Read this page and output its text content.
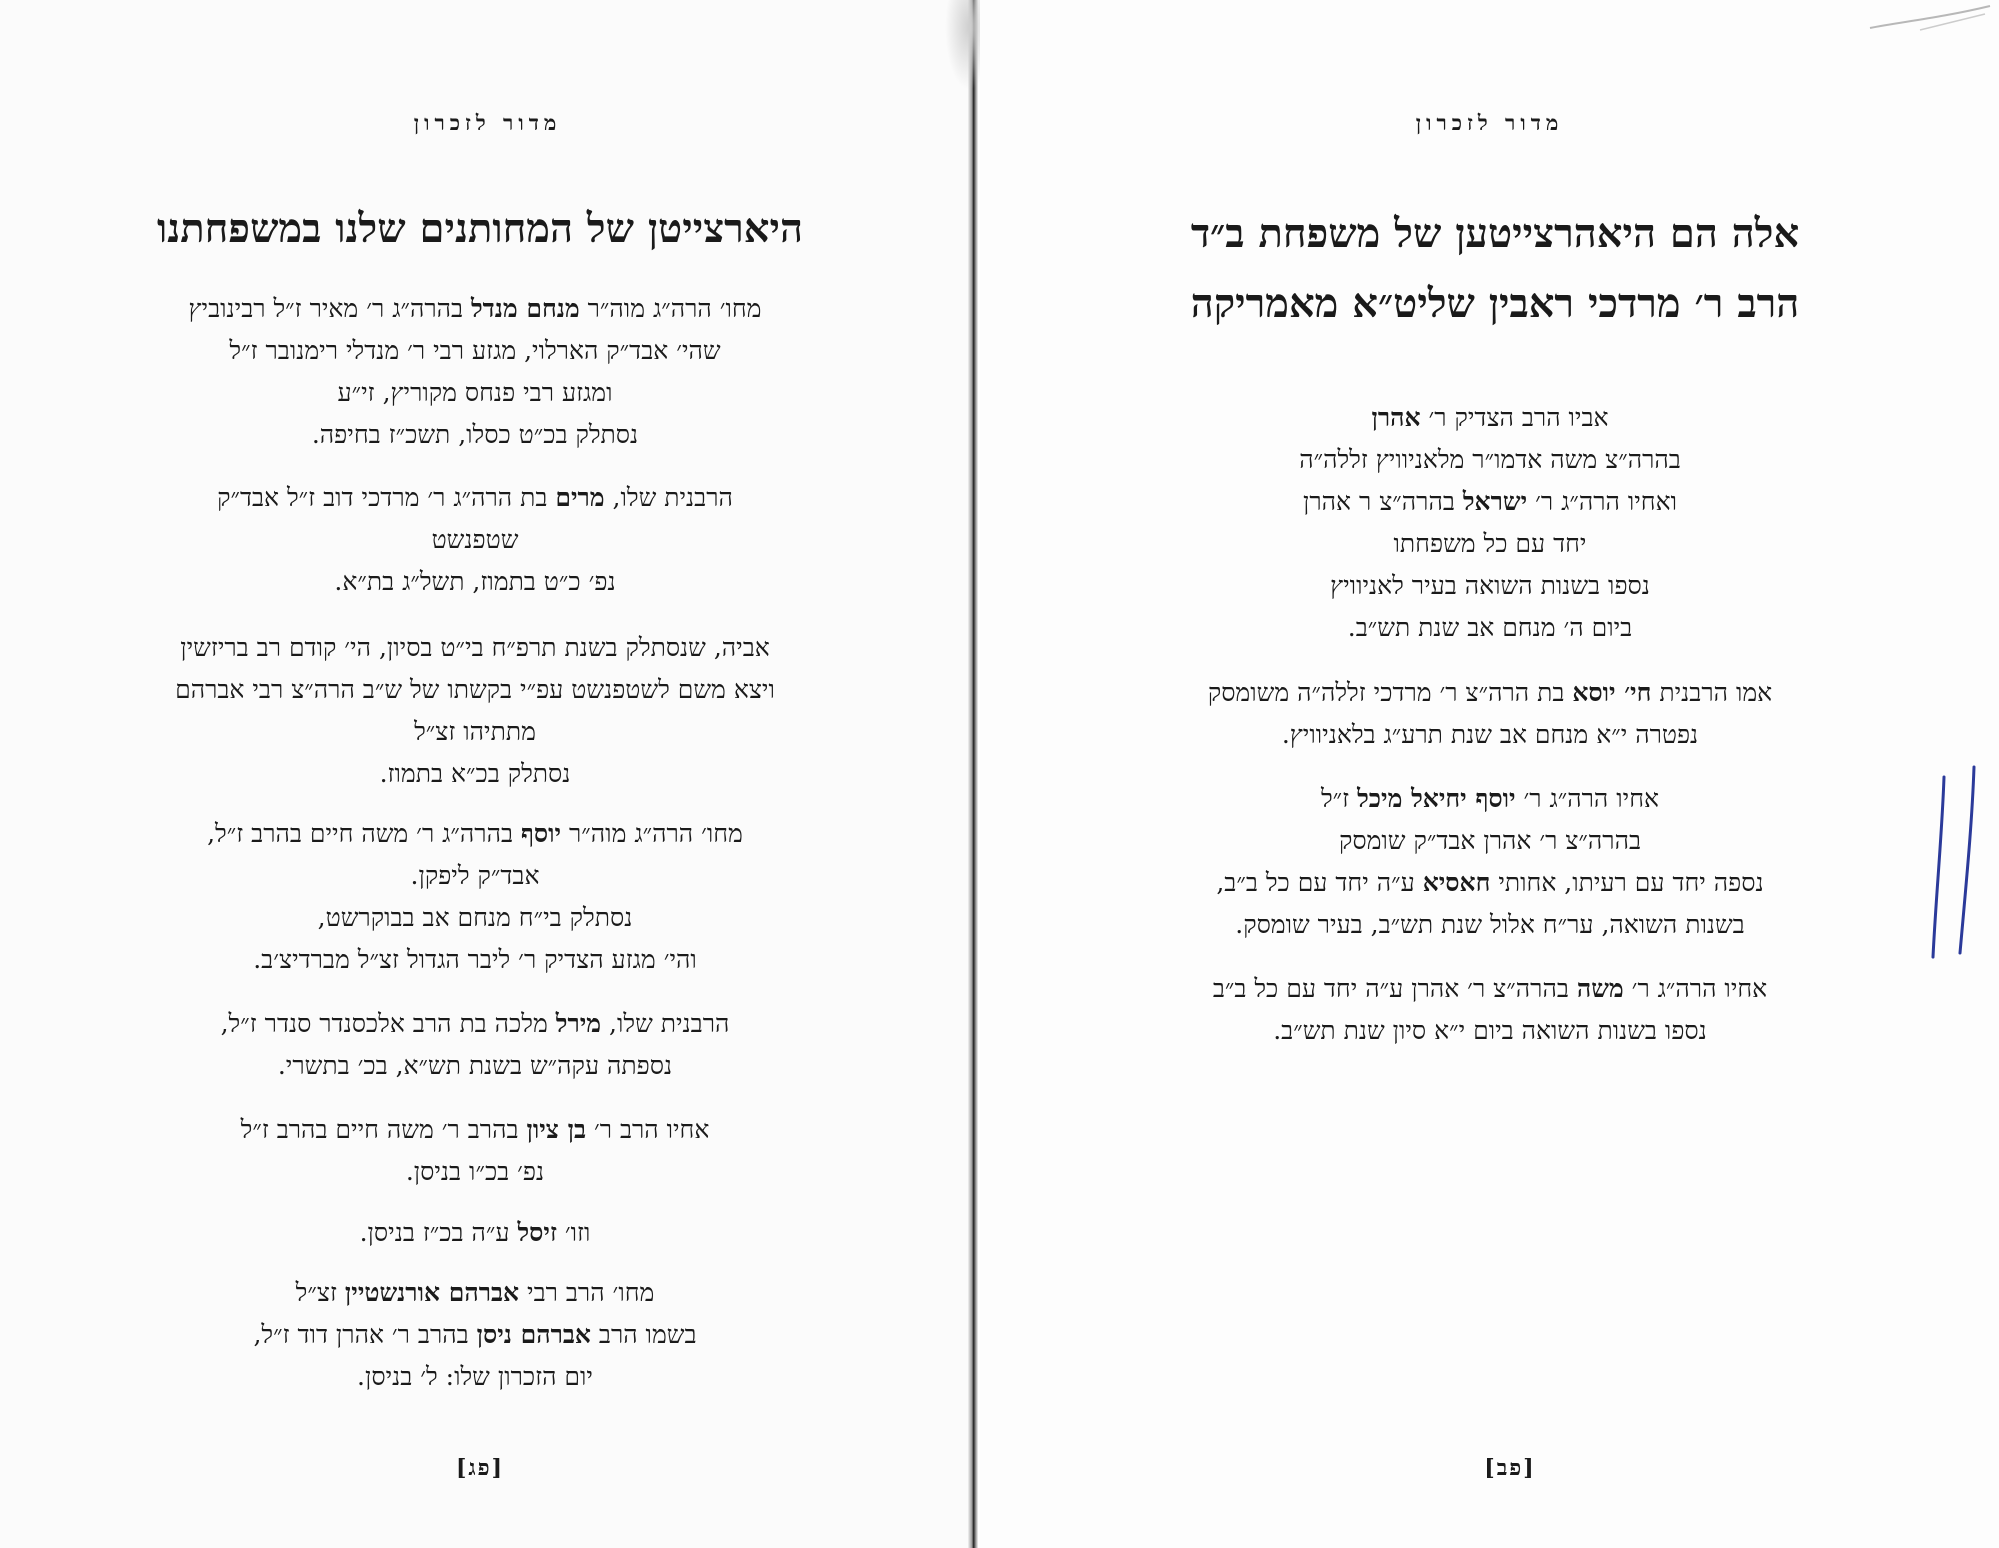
מדור לזכרון
היארצייטן של המחותנים שלנו במשפחתנו
מחו׳ הרה״ג מוה״ר מנחם מנדל בהרה״ג ר׳ מאיר ז״ל רבינוביץ
שהי׳ אבד״ק הארלוי, מגזע רבי ר׳ מנדלי רימנובר ז״ל
ומגזע רבי פנחס מקוריץ, זי״ע
נסתלק בכ״ט כסלו, תשכ״ז בחיפה.
הרבנית שלו, מרים בת הרה״ג ר׳ מרדכי דוב ז״ל אבד״ק
שטפנשט
נפ׳ כ״ט בתמוז, תשל״ג בת״א.
אביה, שנסתלק בשנת תרפ״ח בי״ט בסיון, הי׳ קודם רב בריזשין
ויצא משם לשטפנשט עפ״י בקשתו של ש״ב הרה״צ רבי אברהם
מתתיהו זצ״ל
נסתלק בכ״א בתמוז.
מחו׳ הרה״ג מוה״ר יוסף בהרה״ג ר׳ משה חיים בהרב ז״ל,
אבד״ק ליפקן.
נסתלק בי״ח מנחם אב בבוקרשט,
והי׳ מגזע הצדיק ר׳ ליבר הגדול זצ״ל מברדיצ׳ב.
הרבנית שלו, מירל מלכה בת הרב אלכסנדר סנדר ז״ל,
נספתה עקה״ש בשנת תש״א, בכ׳ בתשרי.
אחיו הרב ר׳ בן ציון בהרב ר׳ משה חיים בהרב ז״ל
נפ׳ בכ״ו בניסן.
וזו׳ זיסל ע״ה בכ״ז בניסן.
מחו׳ הרב רבי אברהם אורנשטיין זצ״ל
בשמו הרב אברהם ניסן בהרב ר׳ אהרן דוד ז״ל,
יום הזכרון שלו: ל׳ בניסן.
[פג]
מדור לזכרון
אלה הם היאהרצייטען של משפחת ב״ד
הרב ר׳ מרדכי ראבין שליט״א מאמריקה
אביו הרב הצדיק ר׳ אהרן
בהרה״צ משה אדמו״ר מלאניוויץ זללה״ה
ואחיו הרה״ג ר׳ ישראל בהרה״צ ר אהרן
יחד עם כל משפחתו
נספו בשנות השואה בעיר לאניוויץ
ביום ה׳ מנחם אב שנת תש״ב.
אמו הרבנית חי׳ יוסא בת הרה״צ ר׳ מרדכי זללה״ה משומסק
נפטרה י״א מנחם אב שנת תרע״ג בלאניוויץ.
אחיו הרה״ג ר׳ יוסף יחיאל מיכל ז״ל
בהרה״צ ר׳ אהרן אבד״ק שומסק
נספה יחד עם רעיתו, אחותי חאסיא ע״ה יחד עם כל ב״ב,
בשנות השואה, ער״ח אלול שנת תש״ב, בעיר שומסק.
אחיו הרה״ג ר׳ משה בהרה״צ ר׳ אהרן ע״ה יחד עם כל ב״ב
נספו בשנות השואה ביום י״א סיון שנת תש״ב.
[פב]
